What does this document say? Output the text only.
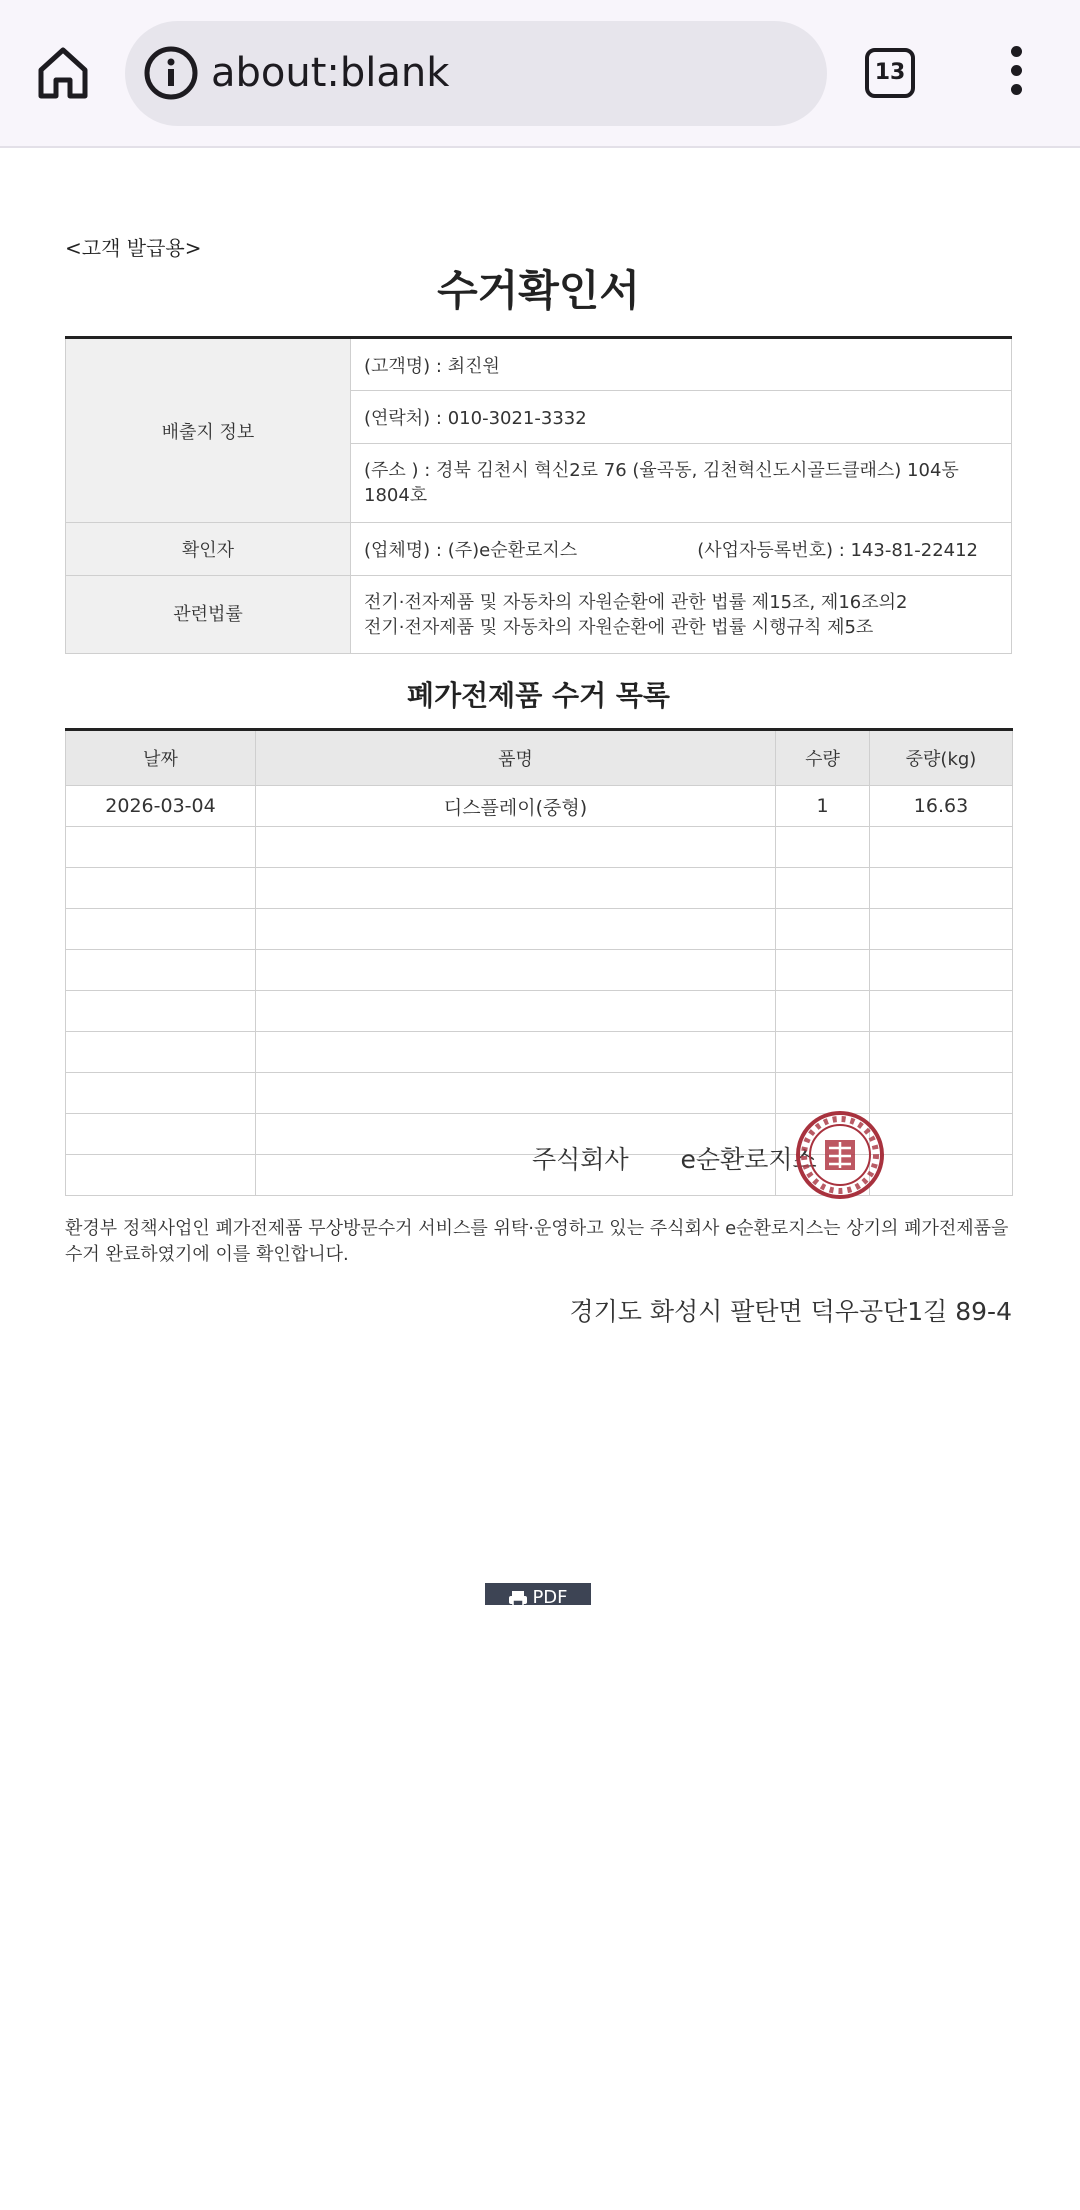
about:blank	13

<고객 발급용>

수거확인서
배출지 정보	(고객명) : 최진원
	(연락처) : 010-3021-3332
	(주소 ) : 경북 김천시 혁신2로 76 (율곡동, 김천혁신도시골드클래스) 104동 1804호
확인자	(업체명) : (주)e순환로지스 (사업자등록번호) : 143-81-22412

관련법률	전기·전자제품 및 자동차의 자원순환에 관한 법률 제15조, 제16조의2
전기·전자제품 및 자동차의 자원순환에 관한 법률 시행규칙 제5조
폐가전제품 수거 목록
날짜	품명	수량	중량(kg)
2026-03-04	디스플레이(중형)	1	16.63

환경부 정책사업인 폐가전제품 무상방문수거 서비스를 위탁·운영하고 있는 주식회사 e순환로지스는 상기의 폐가전제품을 수거 완료하였기에 이를 확인합니다.

경기도 화성시 팔탄면 덕우공단1길 89-4

주식회사 e순환로지스
PDF
